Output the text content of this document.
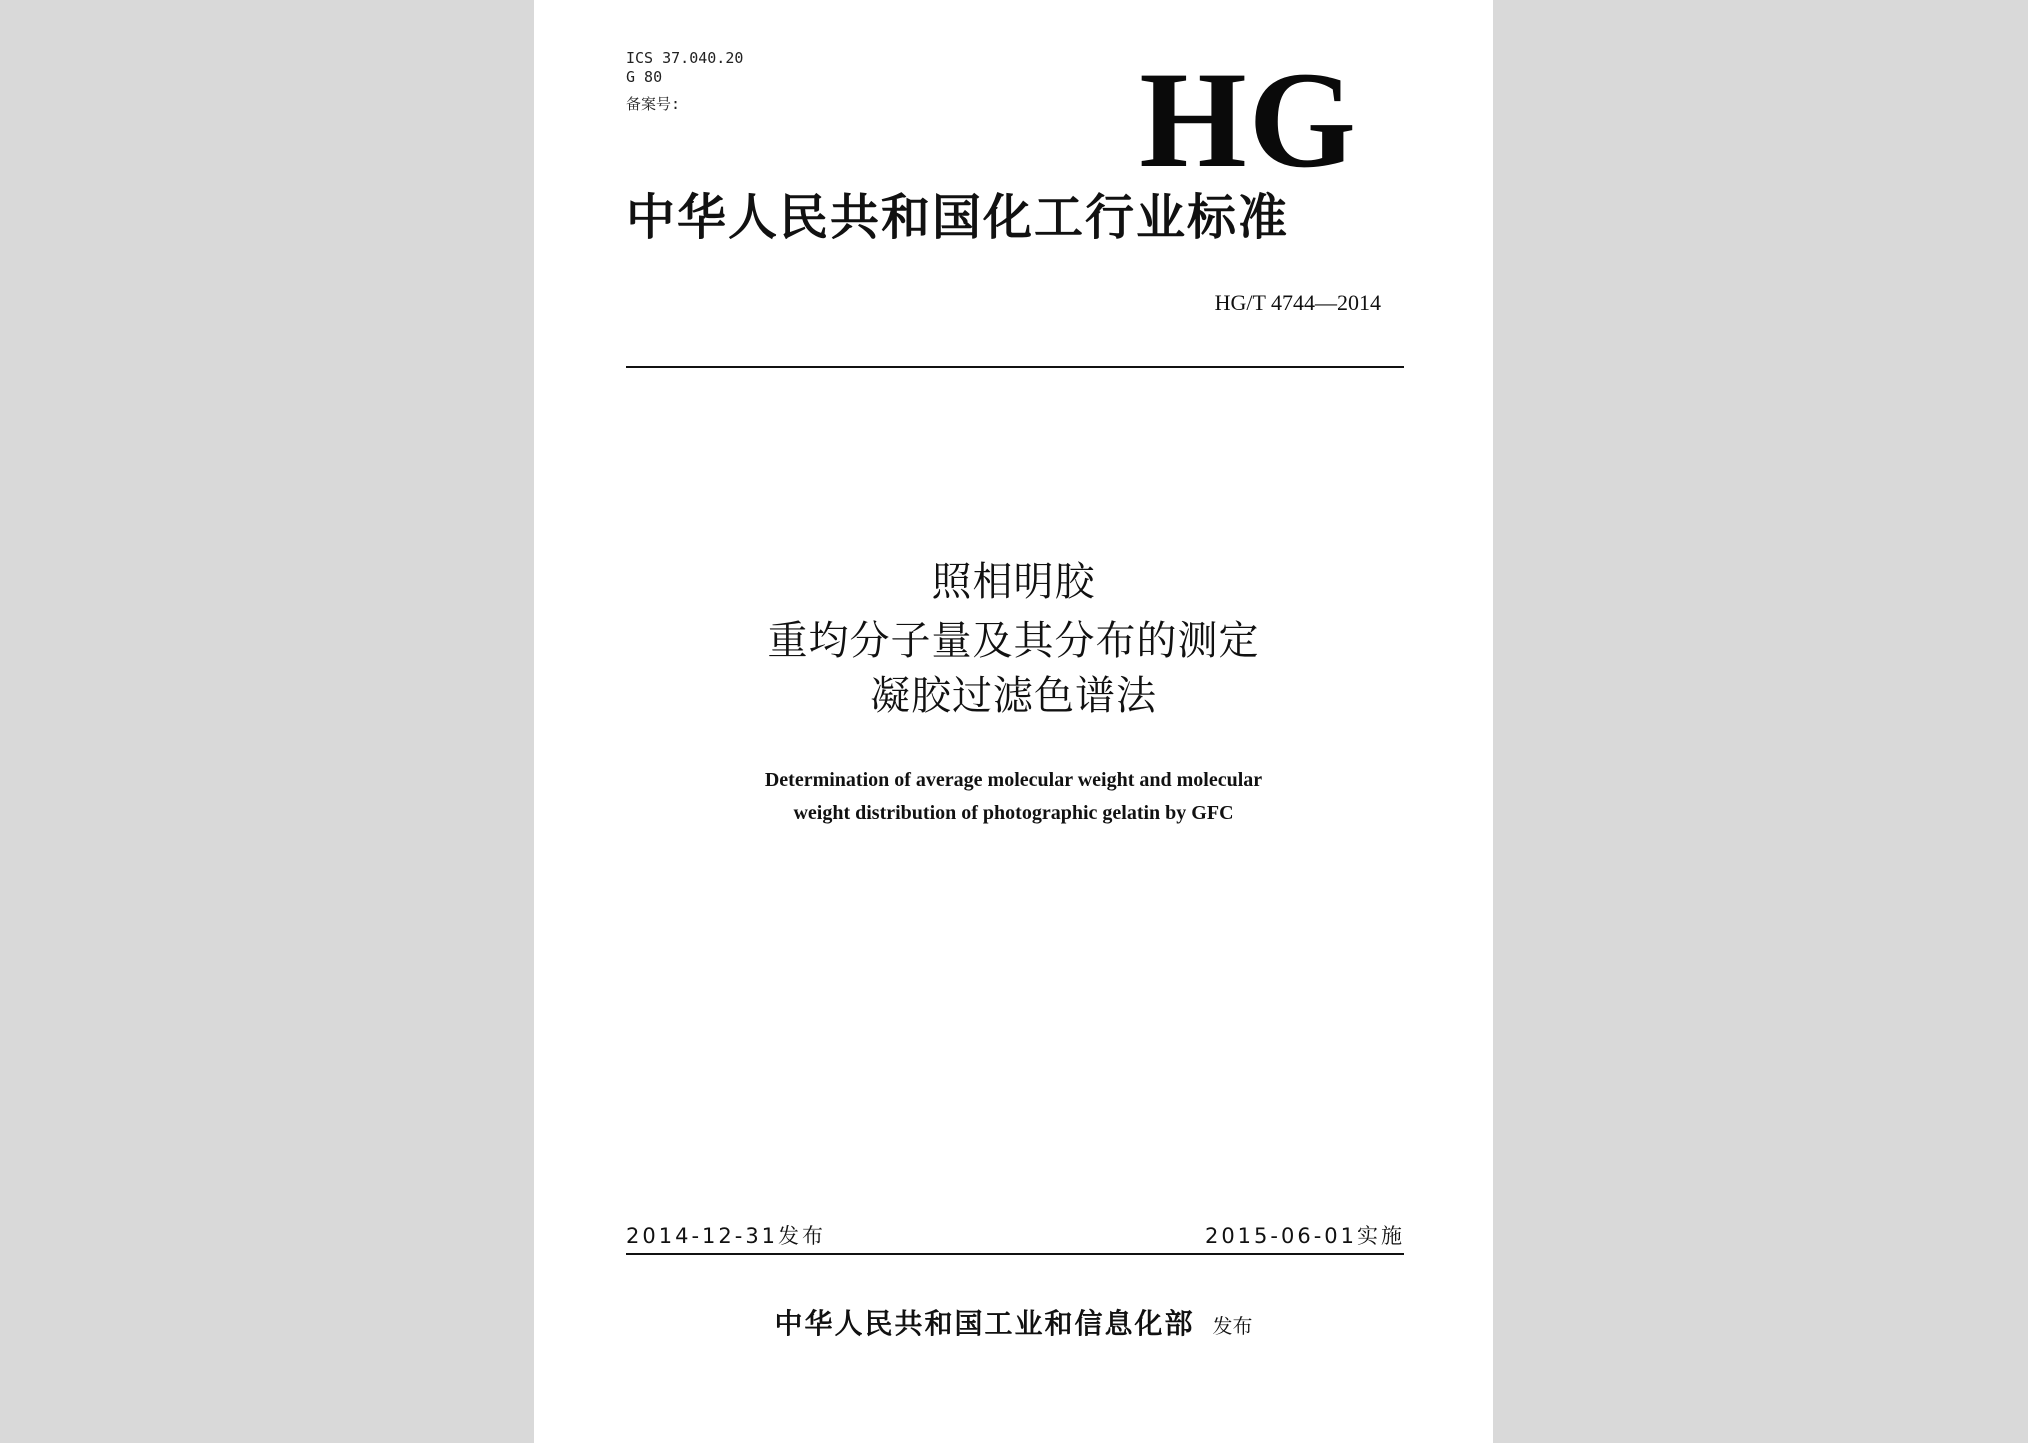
ICS 37.040.20
G 80
备案号:	HG
中华人民共和国化工行业标准
HG/T 4744—2014
照相明胶
重均分子量及其分布的测定
凝胶过滤色谱法
Determination of average molecular weight and molecular
weight distribution of photographic gelatin by GFC
2014-12-31发布	2015-06-01实施
中华人民共和国工业和信息化部 发布
